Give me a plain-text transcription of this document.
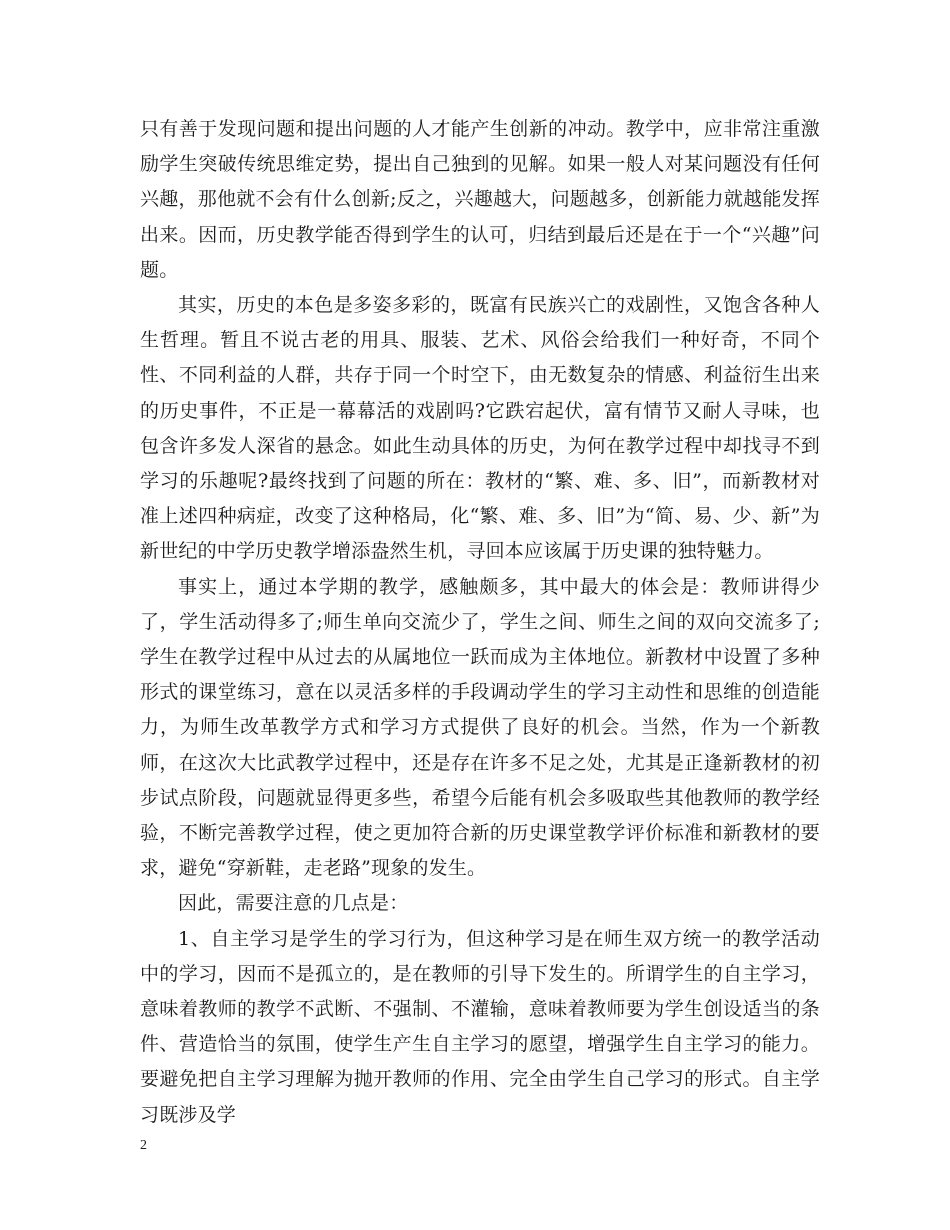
只有善于发现问题和提出问题的人才能产生创新的冲动。教学中，应非常注重激励学生突破传统思维定势，提出自己独到的见解。如果一般人对某问题没有任何兴趣，那他就不会有什么创新;反之，兴趣越大，问题越多，创新能力就越能发挥出来。因而，历史教学能否得到学生的认可，归结到最后还是在于一个“兴趣”问题。

其实，历史的本色是多姿多彩的，既富有民族兴亡的戏剧性，又饱含各种人生哲理。暂且不说古老的用具、服装、艺术、风俗会给我们一种好奇，不同个性、不同利益的人群，共存于同一个时空下，由无数复杂的情感、利益衍生出来的历史事件，不正是一幕幕活的戏剧吗?它跌宕起伏，富有情节又耐人寻味，也包含许多发人深省的悬念。如此生动具体的历史，为何在教学过程中却找寻不到学习的乐趣呢?最终找到了问题的所在：教材的“繁、难、多、旧”，而新教材对准上述四种病症，改变了这种格局，化“繁、难、多、旧”为“简、易、少、新”为新世纪的中学历史教学增添盎然生机，寻回本应该属于历史课的独特魅力。

事实上，通过本学期的教学，感触颇多，其中最大的体会是：教师讲得少了，学生活动得多了;师生单向交流少了，学生之间、师生之间的双向交流多了;学生在教学过程中从过去的从属地位一跃而成为主体地位。新教材中设置了多种形式的课堂练习，意在以灵活多样的手段调动学生的学习主动性和思维的创造能力，为师生改革教学方式和学习方式提供了良好的机会。当然，作为一个新教师，在这次大比武教学过程中，还是存在许多不足之处，尤其是正逢新教材的初步试点阶段，问题就显得更多些，希望今后能有机会多吸取些其他教师的教学经验，不断完善教学过程，使之更加符合新的历史课堂教学评价标准和新教材的要求，避免“穿新鞋，走老路”现象的发生。

因此，需要注意的几点是：

1、自主学习是学生的学习行为，但这种学习是在师生双方统一的教学活动中的学习，因而不是孤立的，是在教师的引导下发生的。所谓学生的自主学习，意味着教师的教学不武断、不强制、不灌输，意味着教师要为学生创设适当的条件、营造恰当的氛围，使学生产生自主学习的愿望，增强学生自主学习的能力。要避免把自主学习理解为抛开教师的作用、完全由学生自己学习的形式。自主学习既涉及学

2
